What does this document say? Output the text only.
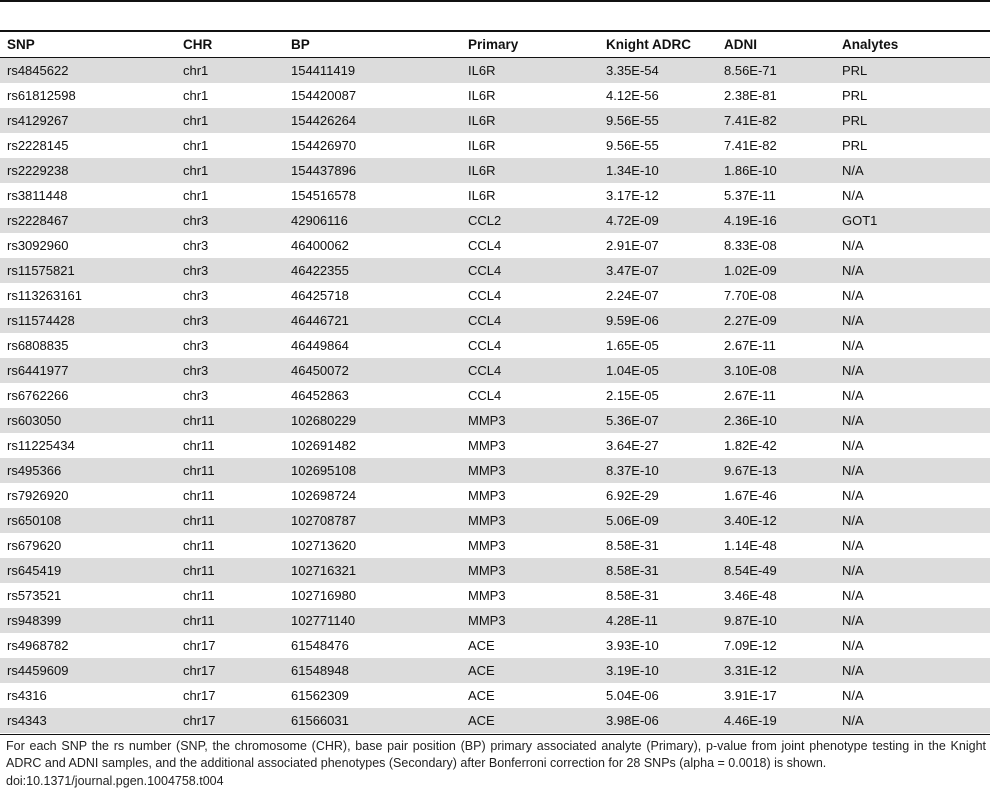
SNP	CHR	BP	Primary	Knight ADRC	ADNI	Analytes
rs4845622	chr1	154411419	IL6R	3.35E-54	8.56E-71	PRL
rs61812598	chr1	154420087	IL6R	4.12E-56	2.38E-81	PRL
rs4129267	chr1	154426264	IL6R	9.56E-55	7.41E-82	PRL
rs2228145	chr1	154426970	IL6R	9.56E-55	7.41E-82	PRL
rs2229238	chr1	154437896	IL6R	1.34E-10	1.86E-10	N/A
rs3811448	chr1	154516578	IL6R	3.17E-12	5.37E-11	N/A
rs2228467	chr3	42906116	CCL2	4.72E-09	4.19E-16	GOT1
rs3092960	chr3	46400062	CCL4	2.91E-07	8.33E-08	N/A
rs11575821	chr3	46422355	CCL4	3.47E-07	1.02E-09	N/A
rs113263161	chr3	46425718	CCL4	2.24E-07	7.70E-08	N/A
rs11574428	chr3	46446721	CCL4	9.59E-06	2.27E-09	N/A
rs6808835	chr3	46449864	CCL4	1.65E-05	2.67E-11	N/A
rs6441977	chr3	46450072	CCL4	1.04E-05	3.10E-08	N/A
rs6762266	chr3	46452863	CCL4	2.15E-05	2.67E-11	N/A
rs603050	chr11	102680229	MMP3	5.36E-07	2.36E-10	N/A
rs11225434	chr11	102691482	MMP3	3.64E-27	1.82E-42	N/A
rs495366	chr11	102695108	MMP3	8.37E-10	9.67E-13	N/A
rs7926920	chr11	102698724	MMP3	6.92E-29	1.67E-46	N/A
rs650108	chr11	102708787	MMP3	5.06E-09	3.40E-12	N/A
rs679620	chr11	102713620	MMP3	8.58E-31	1.14E-48	N/A
rs645419	chr11	102716321	MMP3	8.58E-31	8.54E-49	N/A
rs573521	chr11	102716980	MMP3	8.58E-31	3.46E-48	N/A
rs948399	chr11	102771140	MMP3	4.28E-11	9.87E-10	N/A
rs4968782	chr17	61548476	ACE	3.93E-10	7.09E-12	N/A
rs4459609	chr17	61548948	ACE	3.19E-10	3.31E-12	N/A
rs4316	chr17	61562309	ACE	5.04E-06	3.91E-17	N/A
rs4343	chr17	61566031	ACE	3.98E-06	4.46E-19	N/A
For each SNP the rs number (SNP, the chromosome (CHR), base pair position (BP) primary associated analyte (Primary), p-value from joint phenotype testing in the Knight ADRC and ADNI samples, and the additional associated phenotypes (Secondary) after Bonferroni correction for 28 SNPs (alpha = 0.0018) is shown.
doi:10.1371/journal.pgen.1004758.t004
